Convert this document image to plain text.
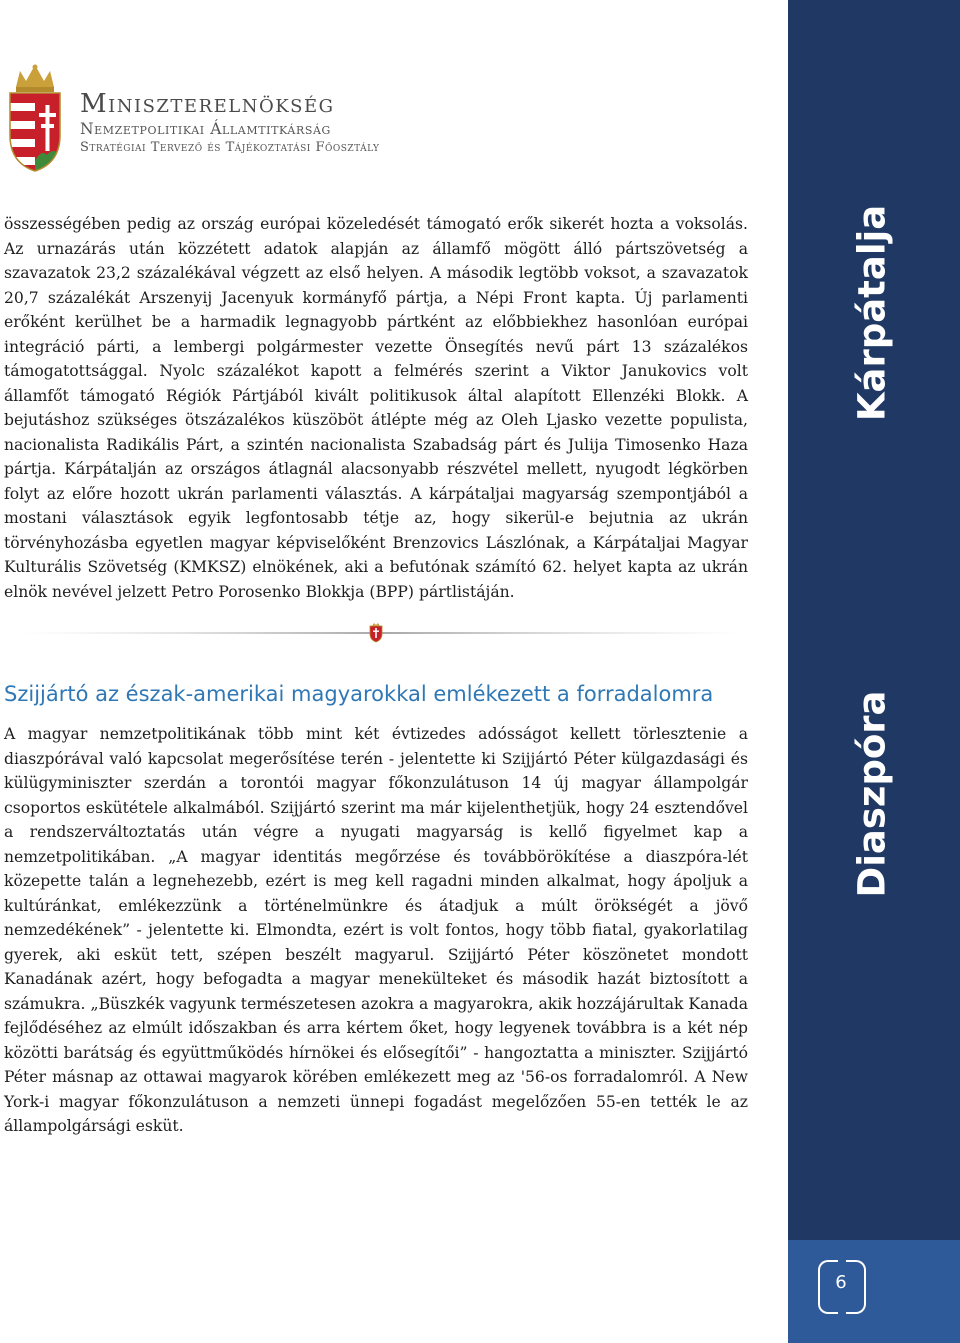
Miniszterelnökség
Nemzetpolitikai Államtitkárság
Stratégiai Tervező és Tájékoztatási Főosztály

összességében pedig az ország európai közeledését támogató erők sikerét hozta a voksolás. Az urnazárás után közzétett adatok alapján az államfő mögött álló pártszövetség a szavazatok 23,2 százalékával végzett az első helyen. A második legtöbb voksot, a szavazatok 20,7 százalékát Arszenyij Jacenyuk kormányfő pártja, a Népi Front kapta. Új parlamenti erőként kerülhet be a harmadik legnagyobb pártként az előbbiekhez hasonlóan európai integráció párti, a lembergi polgármester vezette Önsegítés nevű párt 13 százalékos támogatottsággal. Nyolc százalékot kapott a felmérés szerint a Viktor Janukovics volt államfőt támogató Régiók Pártjából kivált politikusok által alapított Ellenzéki Blokk. A bejutáshoz szükséges ötszázalékos küszöböt átlépte még az Oleh Ljasko vezette populista, nacionalista Radikális Párt, a szintén nacionalista Szabadság párt és Julija Timosenko Haza pártja. Kárpátalján az országos átlagnál alacsonyabb részvétel mellett, nyugodt légkörben folyt az előre hozott ukrán parlamenti választás. A kárpátaljai magyarság szempontjából a mostani választások egyik legfontosabb tétje az, hogy sikerül-e bejutnia az ukrán törvényhozásba egyetlen magyar képviselőként Brenzovics Lászlónak, a Kárpátaljai Magyar Kulturális Szövetség (KMKSZ) elnökének, aki a befutónak számító 62. helyet kapta az ukrán elnök nevével jelzett Petro Porosenko Blokkja (BPP) pártlistáján.

Szijjártó az észak-amerikai magyarokkal emlékezett a forradalomra

A magyar nemzetpolitikának több mint két évtizedes adósságot kellett törlesztenie a diaszpórával való kapcsolat megerősítése terén - jelentette ki Szijjártó Péter külgazdasági és külügyminiszter szerdán a torontói magyar főkonzulátuson 14 új magyar állampolgár csoportos eskütétele alkalmából. Szijjártó szerint ma már kijelenthetjük, hogy 24 esztendővel a rendszerváltoztatás után végre a nyugati magyarság is kellő figyelmet kap a nemzetpolitikában. „A magyar identitás megőrzése és továbbörökítése a diaszpóra-lét közepette talán a legnehezebb, ezért is meg kell ragadni minden alkalmat, hogy ápoljuk a kultúránkat, emlékezzünk a történelmünkre és átadjuk a múlt örökségét a jövő nemzedékének” - jelentette ki. Elmondta, ezért is volt fontos, hogy több fiatal, gyakorlatilag gyerek, aki esküt tett, szépen beszélt magyarul. Szijjártó Péter köszönetet mondott Kanadának azért, hogy befogadta a magyar menekülteket és második hazát biztosított a számukra. „Büszkék vagyunk természetesen azokra a magyarokra, akik hozzájárultak Kanada fejlődéséhez az elmúlt időszakban és arra kértem őket, hogy legyenek továbbra is a két nép közötti barátság és együttműködés hírnökei és elősegítői” - hangoztatta a miniszter. Szijjártó Péter másnap az ottawai magyarok körében emlékezett meg az '56-os forradalomról. A New York-i magyar főkonzulátuson a nemzeti ünnepi fogadást megelőzően 55-en tették le az állampolgársági esküt.

Kárpátalja
Diaszpóra
6
